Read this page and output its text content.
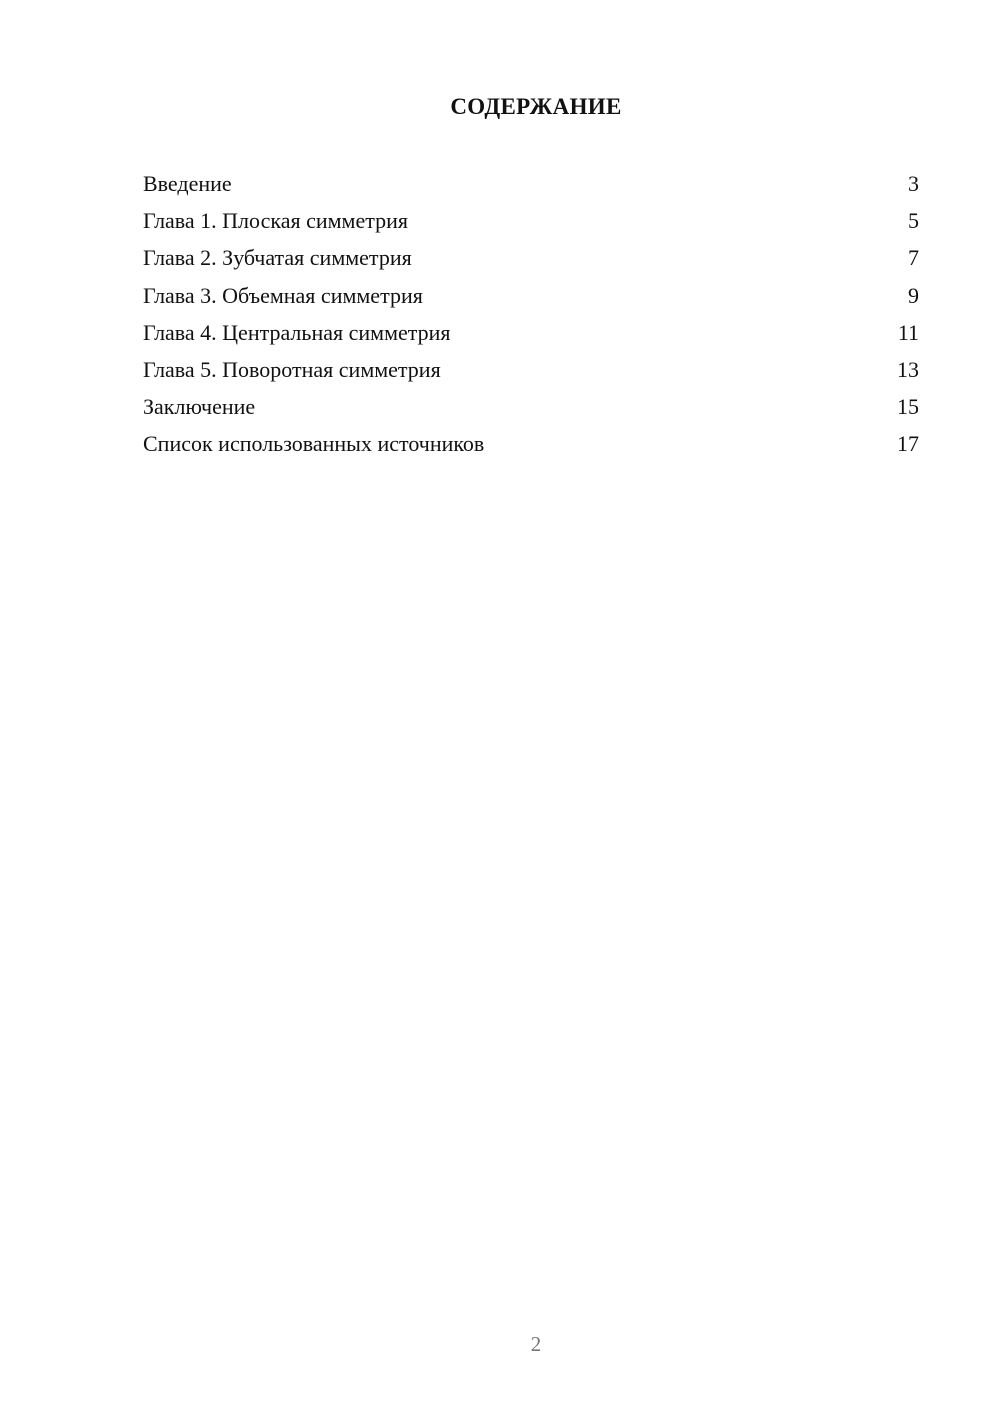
СОДЕРЖАНИЕ
Введение	3
Глава 1. Плоская симметрия	5
Глава 2. Зубчатая симметрия	7
Глава 3. Объемная симметрия	9
Глава 4. Центральная симметрия	11
Глава 5. Поворотная симметрия	13
Заключение	15
Список использованных источников	17
2
